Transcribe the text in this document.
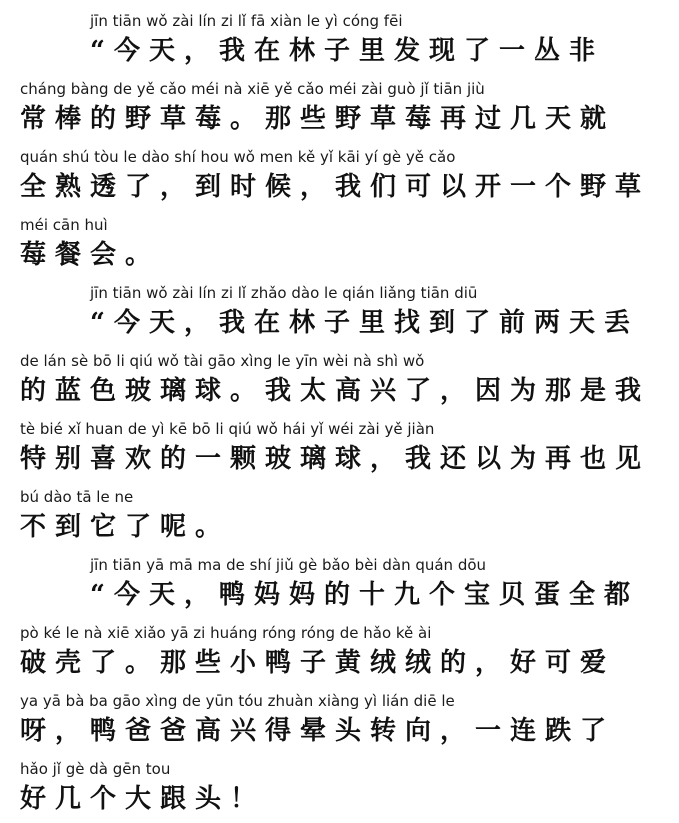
jīn tiān wǒ zài lín zi lǐ fā xiàn le yì cóng fēi
“今天，我在林子里发现了一丛非
cháng bàng de yě cǎo méi nà xiē yě cǎo méi zài guò jǐ tiān jiù
常棒的野草莓。那些野草莓再过几天就
quán shú tòu le dào shí hou wǒ men kě yǐ kāi yí gè yě cǎo
全熟透了，到时候，我们可以开一个野草
méi cān huì
莓餐会。
jīn tiān wǒ zài lín zi lǐ zhǎo dào le qián liǎng tiān diū
“今天，我在林子里找到了前两天丢
de lán sè bō li qiú wǒ tài gāo xìng le yīn wèi nà shì wǒ
的蓝色玻璃球。我太高兴了，因为那是我
tè bié xǐ huan de yì kē bō li qiú wǒ hái yǐ wéi zài yě jiàn
特别喜欢的一颗玻璃球，我还以为再也见
bú dào tā le ne
不到它了呢。
jīn tiān yā mā ma de shí jiǔ gè bǎo bèi dàn quán dōu
“今天，鸭妈妈的十九个宝贝蛋全都
pò ké le nà xiē xiǎo yā zi huáng róng róng de hǎo kě ài
破壳了。那些小鸭子黄绒绒的，好可爱
ya yā bà ba gāo xìng de yūn tóu zhuàn xiàng yì lián diē le
呀，鸭爸爸高兴得晕头转向，一连跌了
hǎo jǐ gè dà gēn tou
好几个大跟头！
